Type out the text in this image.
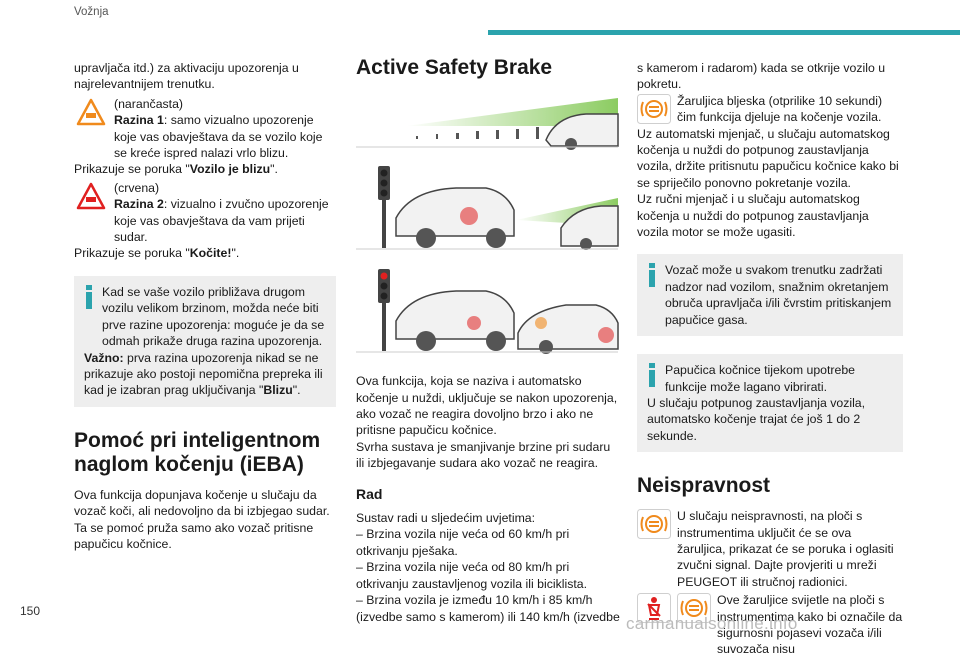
Vožnja

upravljača itd.) za aktivaciju upozorenja u najrelevantnijem trenutku.

(narančasta)
Razina 1: samo vizualno upozorenje koje vas obavještava da se vozilo koje se kreće ispred nalazi vrlo blizu.

Prikazuje se poruka "Vozilo je blizu".

(crvena)
Razina 2: vizualno i zvučno upozorenje koje vas obavještava da vam prijeti sudar.

Prikazuje se poruka "Kočite!".

Kad se vaše vozilo približava drugom vozilu velikom brzinom, možda neće biti prve razine upozorenja: moguće je da se odmah prikaže druga razina upozorenja.

Važno: prva razina upozorenja nikad se ne prikazuje ako postoji nepomična prepreka ili kad je izabran prag uključivanja "Blizu".

Pomoć pri inteligentnom naglom kočenju (iEBA)

Ova funkcija dopunjava kočenje u slučaju da vozač koči, ali nedovoljno da bi izbjegao sudar. Ta se pomoć pruža samo ako vozač pritisne papučicu kočnice.

Active Safety Brake

Ova funkcija, koja se naziva i automatsko kočenje u nuždi, uključuje se nakon upozorenja, ako vozač ne reagira dovoljno brzo i ako ne pritisne papučicu kočnice.

Svrha sustava je smanjivanje brzine pri sudaru ili izbjegavanje sudara ako vozač ne reagira.

Rad

Sustav radi u sljedećim uvjetima:

– Brzina vozila nije veća od 60 km/h pri otkrivanju pješaka.

– Brzina vozila nije veća od 80 km/h pri otkrivanju zaustavljenog vozila ili biciklista.

– Brzina vozila je između 10 km/h i 85 km/h (izvedbe samo s kamerom) ili 140 km/h (izvedbe

s kamerom i radarom) kada se otkrije vozilo u pokretu.

Žaruljica bljeska (otprilike 10 sekundi) čim funkcija djeluje na kočenje vozila.

Uz automatski mjenjač, u slučaju automatskog kočenja u nuždi do potpunog zaustavljanja vozila, držite pritisnutu papučicu kočnice kako bi se spriječilo ponovno pokretanje vozila.

Uz ručni mjenjač i u slučaju automatskog kočenja u nuždi do potpunog zaustavljanja vozila motor se može ugasiti.

Vozač može u svakom trenutku zadržati nadzor nad vozilom, snažnim okretanjem obruča upravljača i/ili čvrstim pritiskanjem papučice gasa.

Papučica kočnice tijekom upotrebe funkcije može lagano vibrirati.

U slučaju potpunog zaustavljanja vozila, automatsko kočenje trajat će još 1 do 2 sekunde.

Neispravnost

U slučaju neispravnosti, na ploči s instrumentima uključit će se ova žaruljica, prikazat će se poruka i oglasiti zvučni signal. Dajte provjeriti u mreži PEUGEOT ili stručnoj radionici.

Ove žaruljice svijetle na ploči s instrumentima kako bi označile da sigurnosni pojasevi vozača i/ili suvozača nisu

150
carmanualsonline.info
